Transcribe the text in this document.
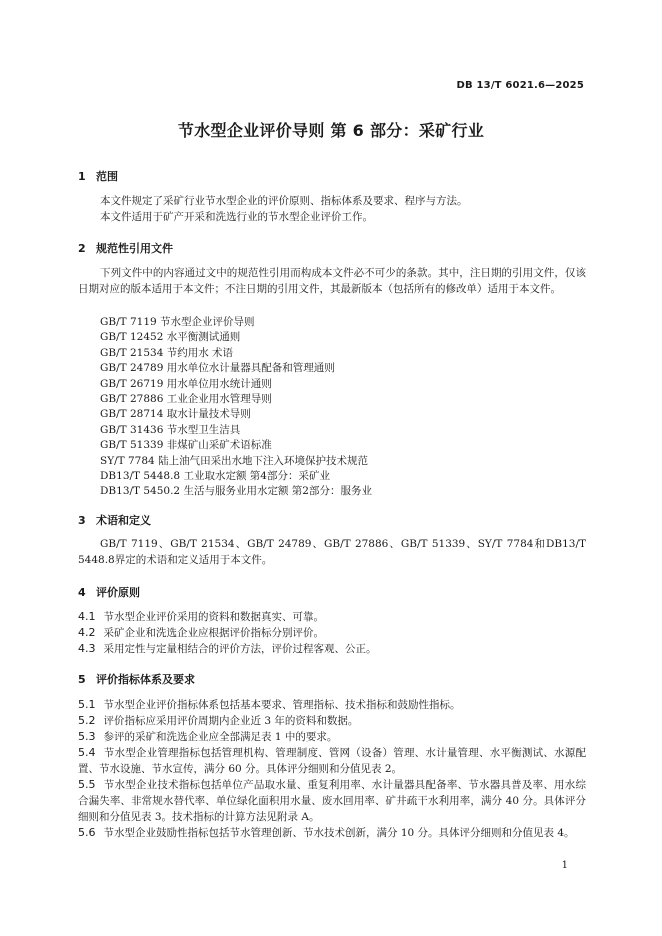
DB 13/T 6021.6—2025
节水型企业评价导则 第 6 部分：采矿行业
1 范围
本文件规定了采矿行业节水型企业的评价原则、指标体系及要求、程序与方法。
本文件适用于矿产开采和洗选行业的节水型企业评价工作。
2 规范性引用文件
下列文件中的内容通过文中的规范性引用而构成本文件必不可少的条款。其中，注日期的引用文件，仅该日期对应的版本适用于本文件；不注日期的引用文件，其最新版本（包括所有的修改单）适用于本文件。
GB/T 7119 节水型企业评价导则
GB/T 12452 水平衡测试通则
GB/T 21534 节约用水 术语
GB/T 24789 用水单位水计量器具配备和管理通则
GB/T 26719 用水单位用水统计通则
GB/T 27886 工业企业用水管理导则
GB/T 28714 取水计量技术导则
GB/T 31436 节水型卫生洁具
GB/T 51339 非煤矿山采矿术语标准
SY/T 7784 陆上油气田采出水地下注入环境保护技术规范
DB13/T 5448.8 工业取水定额 第4部分：采矿业
DB13/T 5450.2 生活与服务业用水定额 第2部分：服务业
3 术语和定义
GB/T 7119、GB/T 21534、GB/T 24789、GB/T 27886、GB/T 51339、SY/T 7784和DB13/T 5448.8界定的术语和定义适用于本文件。
4 评价原则
4.1 节水型企业评价采用的资料和数据真实、可靠。
4.2 采矿企业和洗选企业应根据评价指标分别评价。
4.3 采用定性与定量相结合的评价方法，评价过程客观、公正。
5 评价指标体系及要求
5.1 节水型企业评价指标体系包括基本要求、管理指标、技术指标和鼓励性指标。
5.2 评价指标应采用评价周期内企业近 3 年的资料和数据。
5.3 参评的采矿和洗选企业应全部满足表 1 中的要求。
5.4 节水型企业管理指标包括管理机构、管理制度、管网（设备）管理、水计量管理、水平衡测试、水源配置、节水设施、节水宣传，满分 60 分。具体评分细则和分值见表 2。
5.5 节水型企业技术指标包括单位产品取水量、重复利用率、水计量器具配备率、节水器具普及率、用水综合漏失率、非常规水替代率、单位绿化面积用水量、废水回用率、矿井疏干水利用率，满分 40 分。具体评分细则和分值见表 3。技术指标的计算方法见附录 A。
5.6 节水型企业鼓励性指标包括节水管理创新、节水技术创新，满分 10 分。具体评分细则和分值见表 4。
1
